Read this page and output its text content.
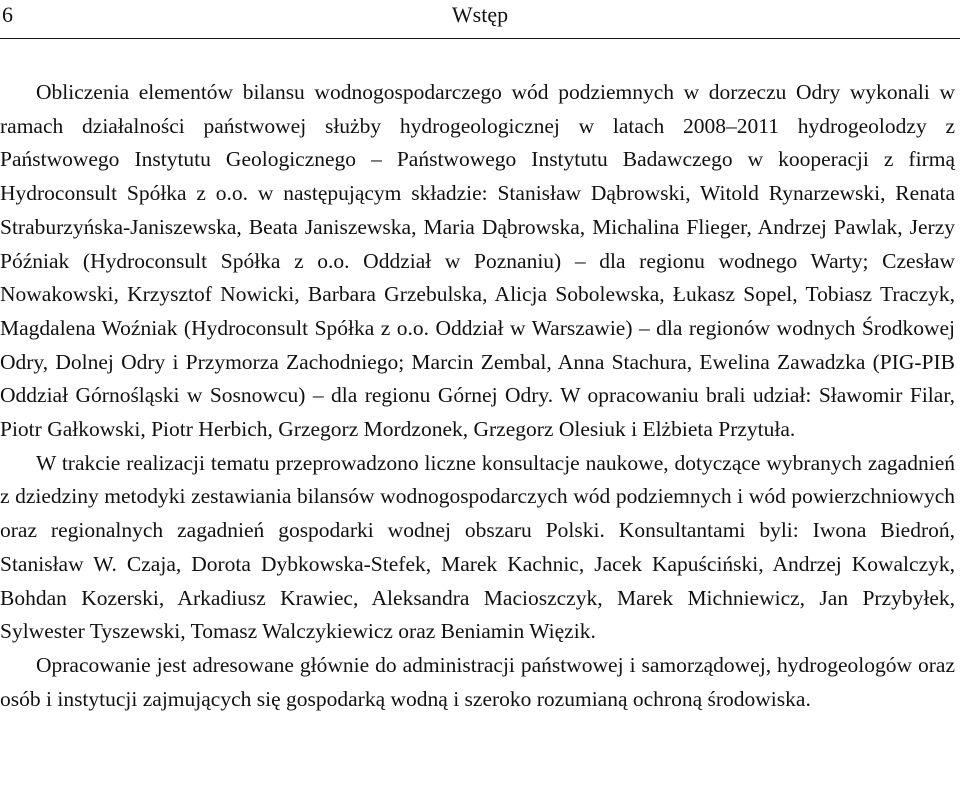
6	Wstęp

Obliczenia elementów bilansu wodnogospodarczego wód podziemnych w dorzeczu Odry wykonali w ramach działalności państwowej służby hydrogeologicznej w latach 2008–2011 hydrogeolodzy z Państwowego Instytutu Geologicznego – Państwowego Instytutu Badawczego w kooperacji z firmą Hydroconsult Spółka z o.o. w następującym składzie: Stanisław Dąbrowski, Witold Rynarzewski, Renata Straburzyńska-Janiszewska, Beata Janiszewska, Maria Dąbrowska, Michalina Flieger, Andrzej Pawlak, Jerzy Późniak (Hydroconsult Spółka z o.o. Oddział w Poznaniu) – dla regionu wodnego Warty; Czesław Nowakowski, Krzysztof Nowicki, Barbara Grzebulska, Alicja Sobolewska, Łukasz Sopel, Tobiasz Traczyk, Magdalena Woźniak (Hydroconsult Spółka z o.o. Oddział w Warszawie) – dla regionów wodnych Środkowej Odry, Dolnej Odry i Przymorza Zachodniego; Marcin Zembal, Anna Stachura, Ewelina Zawadzka (PIG-PIB Oddział Górnośląski w Sosnowcu) – dla regionu Górnej Odry. W opracowaniu brali udział: Sławomir Filar, Piotr Gałkowski, Piotr Herbich, Grzegorz Mordzonek, Grzegorz Olesiuk i Elżbieta Przytuła.

W trakcie realizacji tematu przeprowadzono liczne konsultacje naukowe, dotyczące wybranych zagadnień z dziedziny metodyki zestawiania bilansów wodnogospodarczych wód podziemnych i wód powierzchniowych oraz regionalnych zagadnień gospodarki wodnej obszaru Polski. Konsultantami byli: Iwona Biedroń, Stanisław W. Czaja, Dorota Dybkowska-Stefek, Marek Kachnic, Jacek Kapuściński, Andrzej Kowalczyk, Bohdan Kozerski, Arkadiusz Krawiec, Aleksandra Macioszczyk, Marek Michniewicz, Jan Przybyłek, Sylwester Tyszewski, Tomasz Walczykiewicz oraz Beniamin Więzik.

Opracowanie jest adresowane głównie do administracji państwowej i samorządowej, hydrogeologów oraz osób i instytucji zajmujących się gospodarką wodną i szeroko rozumianą ochroną środowiska.
